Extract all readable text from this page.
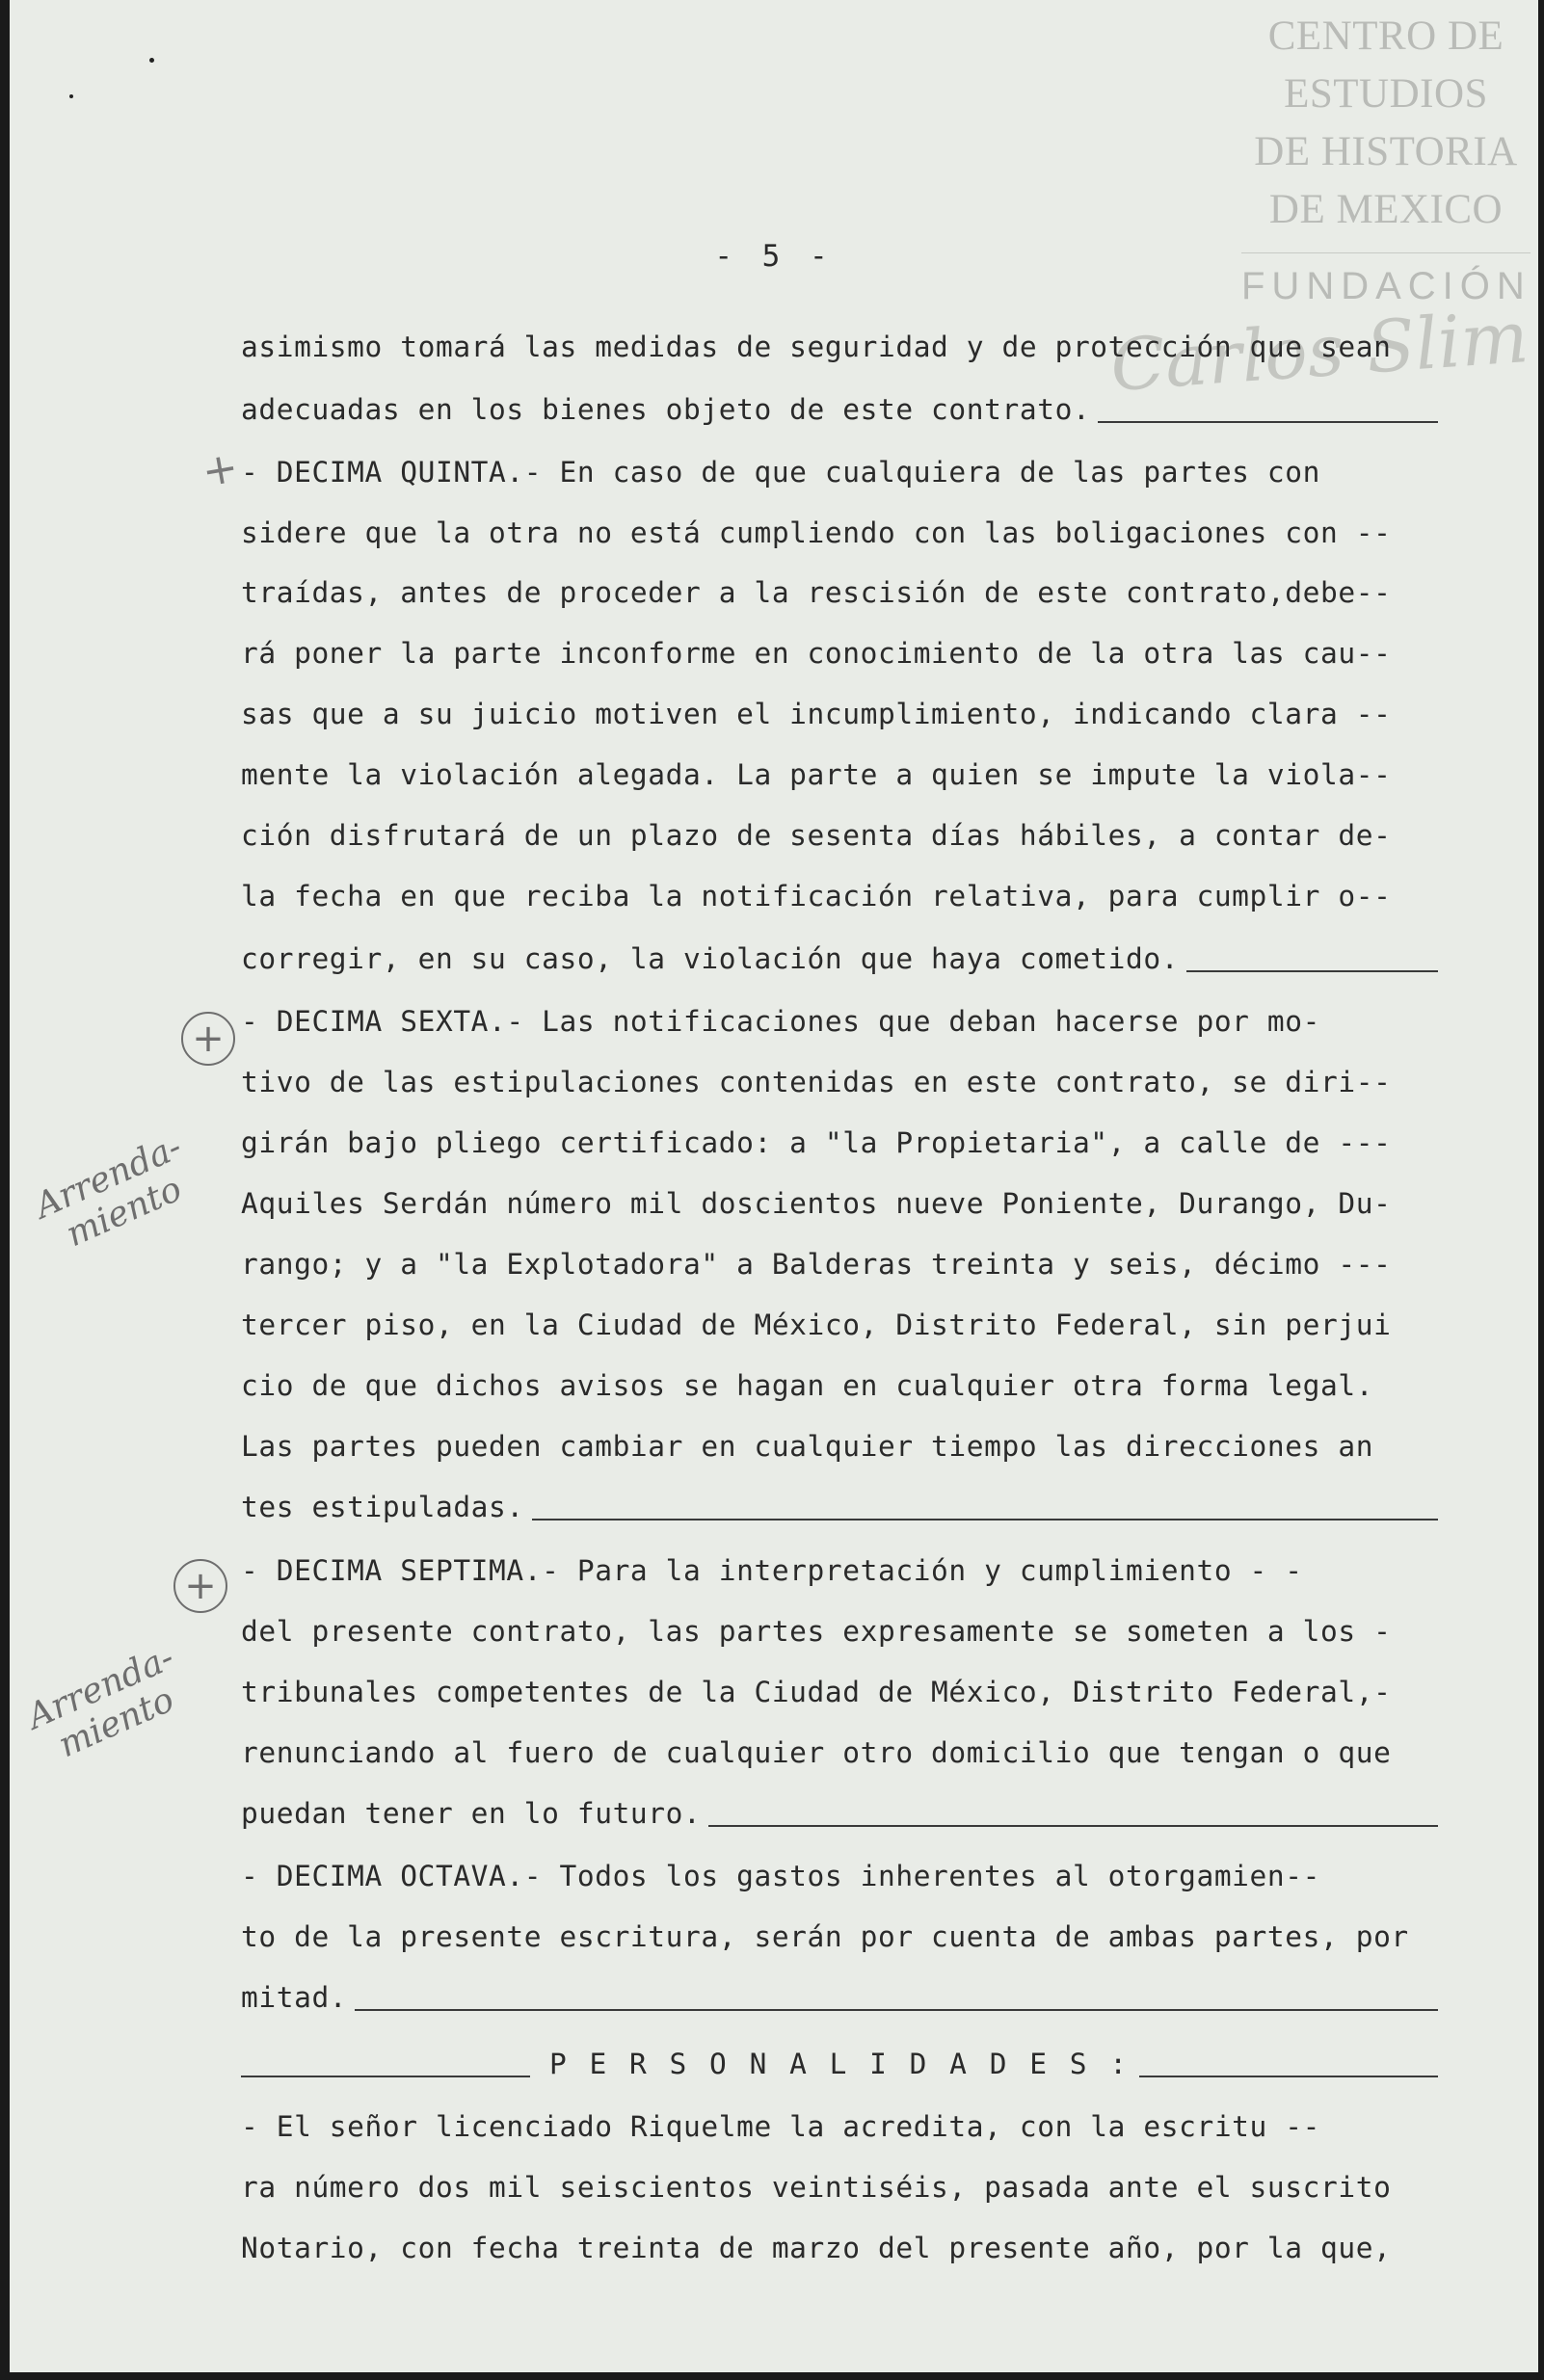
CENTRO DE
ESTUDIOS
DE HISTORIA
DE MEXICO
FUNDACIÓN
Carlos Slim
- 5 -
asimismo tomará las medidas de seguridad y de protección que sean
adecuadas en los bienes objeto de este contrato.
- DECIMA QUINTA.- En caso de que cualquiera de las partes con
sidere que la otra no está cumpliendo con las boligaciones con --
traídas, antes de proceder a la rescisión de este contrato,debe--
rá poner la parte inconforme en conocimiento de la otra las cau--
sas que a su juicio motiven el incumplimiento, indicando clara --
mente la violación alegada. La parte a quien se impute la viola--
ción disfrutará de un plazo de sesenta días hábiles, a contar de-
la fecha en que reciba la notificación relativa, para cumplir o--
corregir, en su caso, la violación que haya cometido.
- DECIMA SEXTA.- Las notificaciones que deban hacerse por mo-
tivo de las estipulaciones contenidas en este contrato, se diri--
girán bajo pliego certificado: a "la Propietaria", a calle de ---
Aquiles Serdán número mil doscientos nueve Poniente, Durango, Du-
rango; y a "la Explotadora" a Balderas treinta y seis, décimo ---
tercer piso, en la Ciudad de México, Distrito Federal, sin perjui
cio de que dichos avisos se hagan en cualquier otra forma legal.
Las partes pueden cambiar en cualquier tiempo las direcciones an
tes estipuladas.
- DECIMA SEPTIMA.- Para la interpretación y cumplimiento - -
del presente contrato, las partes expresamente se someten a los -
tribunales competentes de la Ciudad de México, Distrito Federal,-
renunciando al fuero de cualquier otro domicilio que tengan o que
puedan tener en lo futuro.
- DECIMA OCTAVA.- Todos los gastos inherentes al otorgamien--
to de la presente escritura, serán por cuenta de ambas partes, por
mitad.
P E R S O N A L I D A D E S :
- El señor licenciado Riquelme la acredita, con la escritu --
ra número dos mil seiscientos veintiséis, pasada ante el suscrito
Notario, con fecha treinta de marzo del presente año, por la que,
+
+
+
Arrenda-
miento
Arrenda-
miento
